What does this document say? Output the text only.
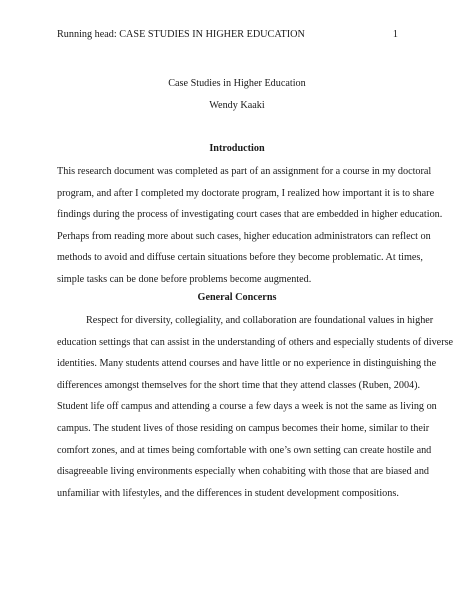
Running head: CASE STUDIES IN HIGHER EDUCATION	1
Case Studies in Higher Education
Wendy Kaaki
Introduction
This research document was completed as part of an assignment for a course in my doctoral
program, and after I completed my doctorate program, I realized how important it is to share
findings during the process of investigating court cases that are embedded in higher education.
Perhaps from reading more about such cases, higher education administrators can reflect on
methods to avoid and diffuse certain situations before they become problematic. At times,
simple tasks can be done before problems become augmented.
General Concerns
Respect for diversity, collegiality, and collaboration are foundational values in higher
education settings that can assist in the understanding of others and especially students of diverse
identities. Many students attend courses and have little or no experience in distinguishing the
differences amongst themselves for the short time that they attend classes (Ruben, 2004).
Student life off campus and attending a course a few days a week is not the same as living on
campus. The student lives of those residing on campus becomes their home, similar to their
comfort zones, and at times being comfortable with one’s own setting can create hostile and
disagreeable living environments especially when cohabiting with those that are biased and
unfamiliar with lifestyles, and the differences in student development compositions.
